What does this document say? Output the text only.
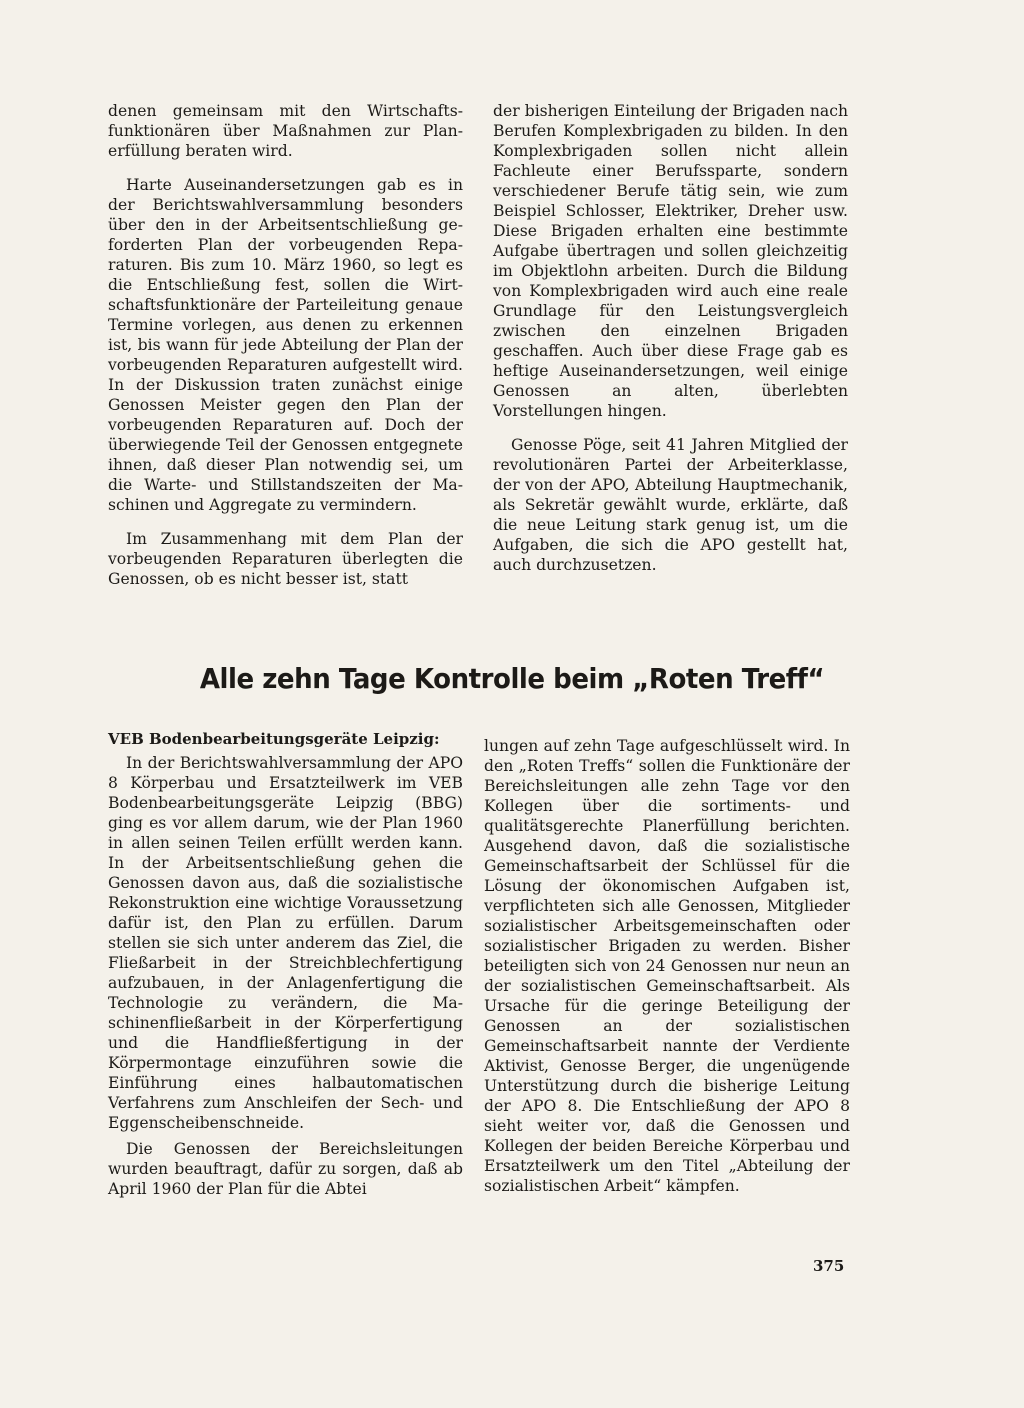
denen gemeinsam mit den Wirtschaftsfunktionären über Maßnahmen zur Planerfüllung beraten wird.

Harte Auseinandersetzungen gab es in der Berichtswahlversammlung besonders über den in der Arbeitsentschließung geforderten Plan der vorbeugenden Reparaturen. Bis zum 10. März 1960, so legt es die Entschließung fest, sollen die Wirtschaftsfunktionäre der Parteileitung genaue Termine vorlegen, aus denen zu erkennen ist, bis wann für jede Abteilung der Plan der vorbeugenden Reparaturen aufgestellt wird. In der Diskussion traten zunächst einige Genossen Meister gegen den Plan der vorbeugenden Reparaturen auf. Doch der überwiegende Teil der Genossen entgegnete ihnen, daß dieser Plan notwendig sei, um die Warte- und Stillstandszeiten der Maschinen und Aggregate zu vermindern.

Im Zusammenhang mit dem Plan der vorbeugenden Reparaturen überlegten die Genossen, ob es nicht besser ist, statt

der bisherigen Einteilung der Brigaden nach Berufen Komplexbrigaden zu bilden. In den Komplexbrigaden sollen nicht allein Fachleute einer Berufssparte, sondern verschiedener Berufe tätig sein, wie zum Beispiel Schlosser, Elektriker, Dreher usw. Diese Brigaden erhalten eine bestimmte Aufgabe übertragen und sollen gleichzeitig im Objektlohn arbeiten. Durch die Bildung von Komplexbrigaden wird auch eine reale Grundlage für den Leistungsvergleich zwischen den einzelnen Brigaden geschaffen. Auch über diese Frage gab es heftige Auseinandersetzungen, weil einige Genossen an alten, überlebten Vorstellungen hingen.

Genosse Pöge, seit 41 Jahren Mitglied der revolutionären Partei der Arbeiterklasse, der von der APO, Abteilung Hauptmechanik, als Sekretär gewählt wurde, erklärte, daß die neue Leitung stark genug ist, um die Aufgaben, die sich die APO gestellt hat, auch durchzusetzen.

Alle zehn Tage Kontrolle beim „Roten Treff“

VEB Bodenbearbeitungsgeräte Leipzig:

In der Berichtswahlversammlung der APO 8 Körperbau und Ersatzteilwerk im VEB Bodenbearbeitungsgeräte Leipzig (BBG) ging es vor allem darum, wie der Plan 1960 in allen seinen Teilen erfüllt werden kann. In der Arbeitsentschließung gehen die Genossen davon aus, daß die sozialistische Rekonstruktion eine wichtige Voraussetzung dafür ist, den Plan zu erfüllen. Darum stellen sie sich unter anderem das Ziel, die Fließarbeit in der Streichblechfertigung aufzubauen, in der Anlagenfertigung die Technologie zu verändern, die Maschinenfließarbeit in der Körperfertigung und die Handfließfertigung in der Körpermontage einzuführen sowie die Einführung eines halbautomatischen Verfahrens zum Anschleifen der Sech- und Eggenscheibenschneide.

Die Genossen der Bereichsleitungen wurden beauftragt, dafür zu sorgen, daß ab April 1960 der Plan für die Abtei

lungen auf zehn Tage aufgeschlüsselt wird. In den „Roten Treffs“ sollen die Funktionäre der Bereichsleitungen alle zehn Tage vor den Kollegen über die sortiments- und qualitätsgerechte Planerfüllung berichten. Ausgehend davon, daß die sozialistische Gemeinschaftsarbeit der Schlüssel für die Lösung der ökonomischen Aufgaben ist, verpflichteten sich alle Genossen, Mitglieder sozialistischer Arbeitsgemeinschaften oder sozialistischer Brigaden zu werden. Bisher beteiligten sich von 24 Genossen nur neun an der sozialistischen Gemeinschaftsarbeit. Als Ursache für die geringe Beteiligung der Genossen an der sozialistischen Gemeinschaftsarbeit nannte der Verdiente Aktivist, Genosse Berger, die ungenügende Unterstützung durch die bisherige Leitung der APO 8. Die Entschließung der APO 8 sieht weiter vor, daß die Genossen und Kollegen der beiden Bereiche Körperbau und Ersatzteilwerk um den Titel „Abteilung der sozialistischen Arbeit“ kämpfen.

375
